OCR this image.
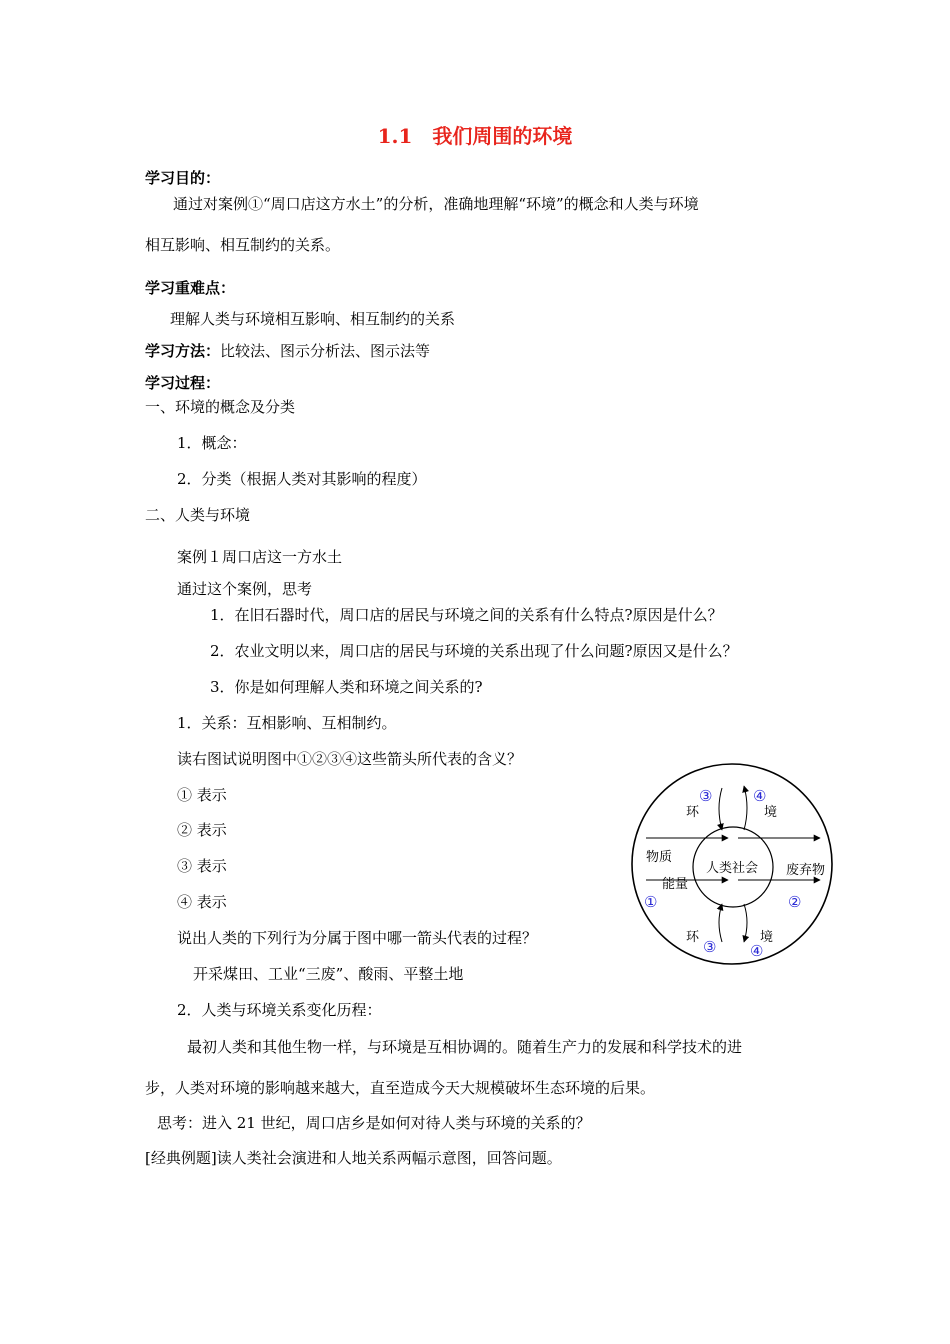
1.1　我们周围的环境
学习目的：
通过对案例①“周口店这方水土”的分析，准确地理解“环境”的概念和人类与环境
相互影响、相互制约的关系。
学习重难点：
理解人类与环境相互影响、相互制约的关系
学习方法：比较法、图示分析法、图示法等
学习过程：
一、环境的概念及分类
1．概念：
2．分类（根据人类对其影响的程度）
二、人类与环境
案例１周口店这一方水土
通过这个案例，思考
1．在旧石器时代，周口店的居民与环境之间的关系有什么特点?原因是什么？
2．农业文明以来，周口店的居民与环境的关系出现了什么问题?原因又是什么？
3．你是如何理解人类和环境之间关系的?
1．关系：互相影响、互相制约。
读右图试说明图中①②③④这些箭头所代表的含义？
① 表示
② 表示
③ 表示
④ 表示
说出人类的下列行为分属于图中哪一箭头代表的过程？
开采煤田、工业“三废”、酸雨、平整土地
2．人类与环境关系变化历程：
最初人类和其他生物一样，与环境是互相协调的。随着生产力的发展和科学技术的进
步，人类对环境的影响越来越大，直至造成今天大规模破坏生态环境的后果。
思考：进入 21 世纪，周口店乡是如何对待人类与环境的关系的？
[经典例题]读人类社会演进和人地关系两幅示意图，回答问题。
③	④
环	境
物质
人类社会 废弃物
能量
①	②
环	境
③ ④
